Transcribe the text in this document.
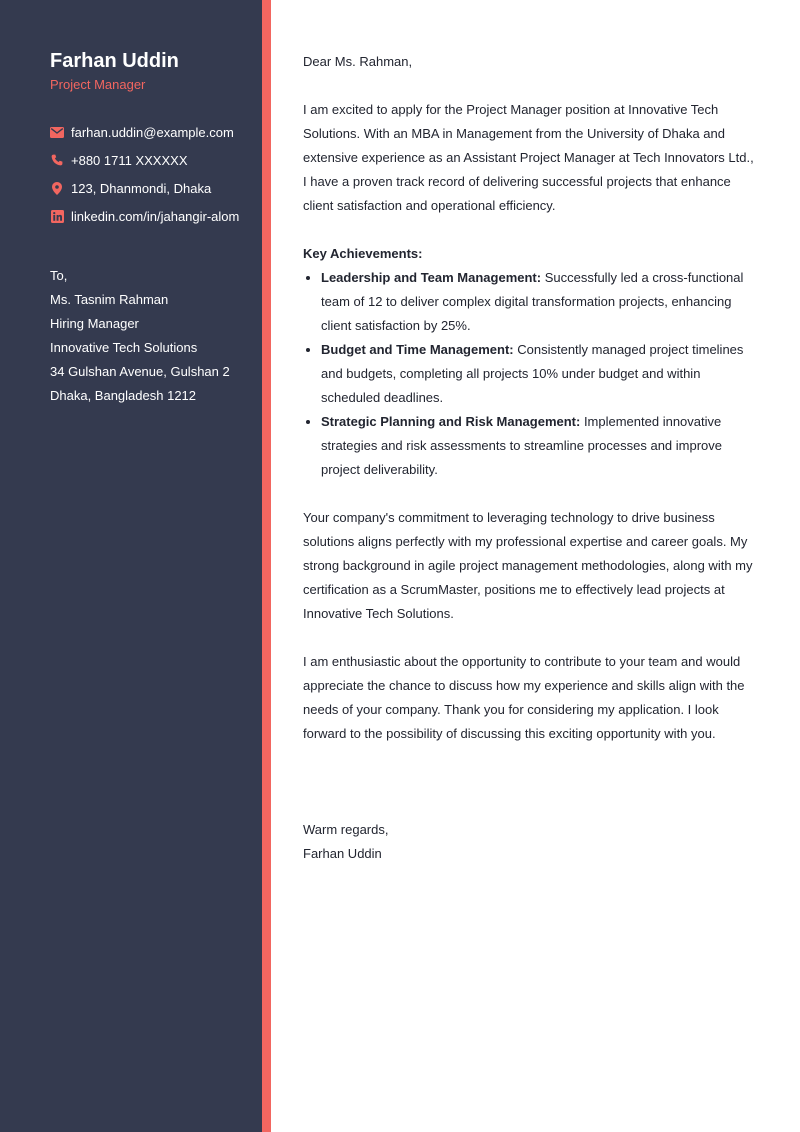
Farhan Uddin
Project Manager
farhan.uddin@example.com
+880 1711 XXXXXX
123, Dhanmondi, Dhaka
linkedin.com/in/jahangir-alom
To,
Ms. Tasnim Rahman
Hiring Manager
Innovative Tech Solutions
34 Gulshan Avenue, Gulshan 2
Dhaka, Bangladesh 1212

Dear Ms. Rahman,

I am excited to apply for the Project Manager position at Innovative Tech Solutions. With an MBA in Management from the University of Dhaka and extensive experience as an Assistant Project Manager at Tech Innovators Ltd., I have a proven track record of delivering successful projects that enhance client satisfaction and operational efficiency.

Key Achievements:

• Leadership and Team Management: Successfully led a cross-functional team of 12 to deliver complex digital transformation projects, enhancing client satisfaction by 25%.
• Budget and Time Management: Consistently managed project timelines and budgets, completing all projects 10% under budget and within scheduled deadlines.
• Strategic Planning and Risk Management: Implemented innovative strategies and risk assessments to streamline processes and improve project deliverability.

Your company's commitment to leveraging technology to drive business solutions aligns perfectly with my professional expertise and career goals. My strong background in agile project management methodologies, along with my certification as a ScrumMaster, positions me to effectively lead projects at Innovative Tech Solutions.

I am enthusiastic about the opportunity to contribute to your team and would appreciate the chance to discuss how my experience and skills align with the needs of your company. Thank you for considering my application. I look forward to the possibility of discussing this exciting opportunity with you.

Warm regards,

Farhan Uddin
